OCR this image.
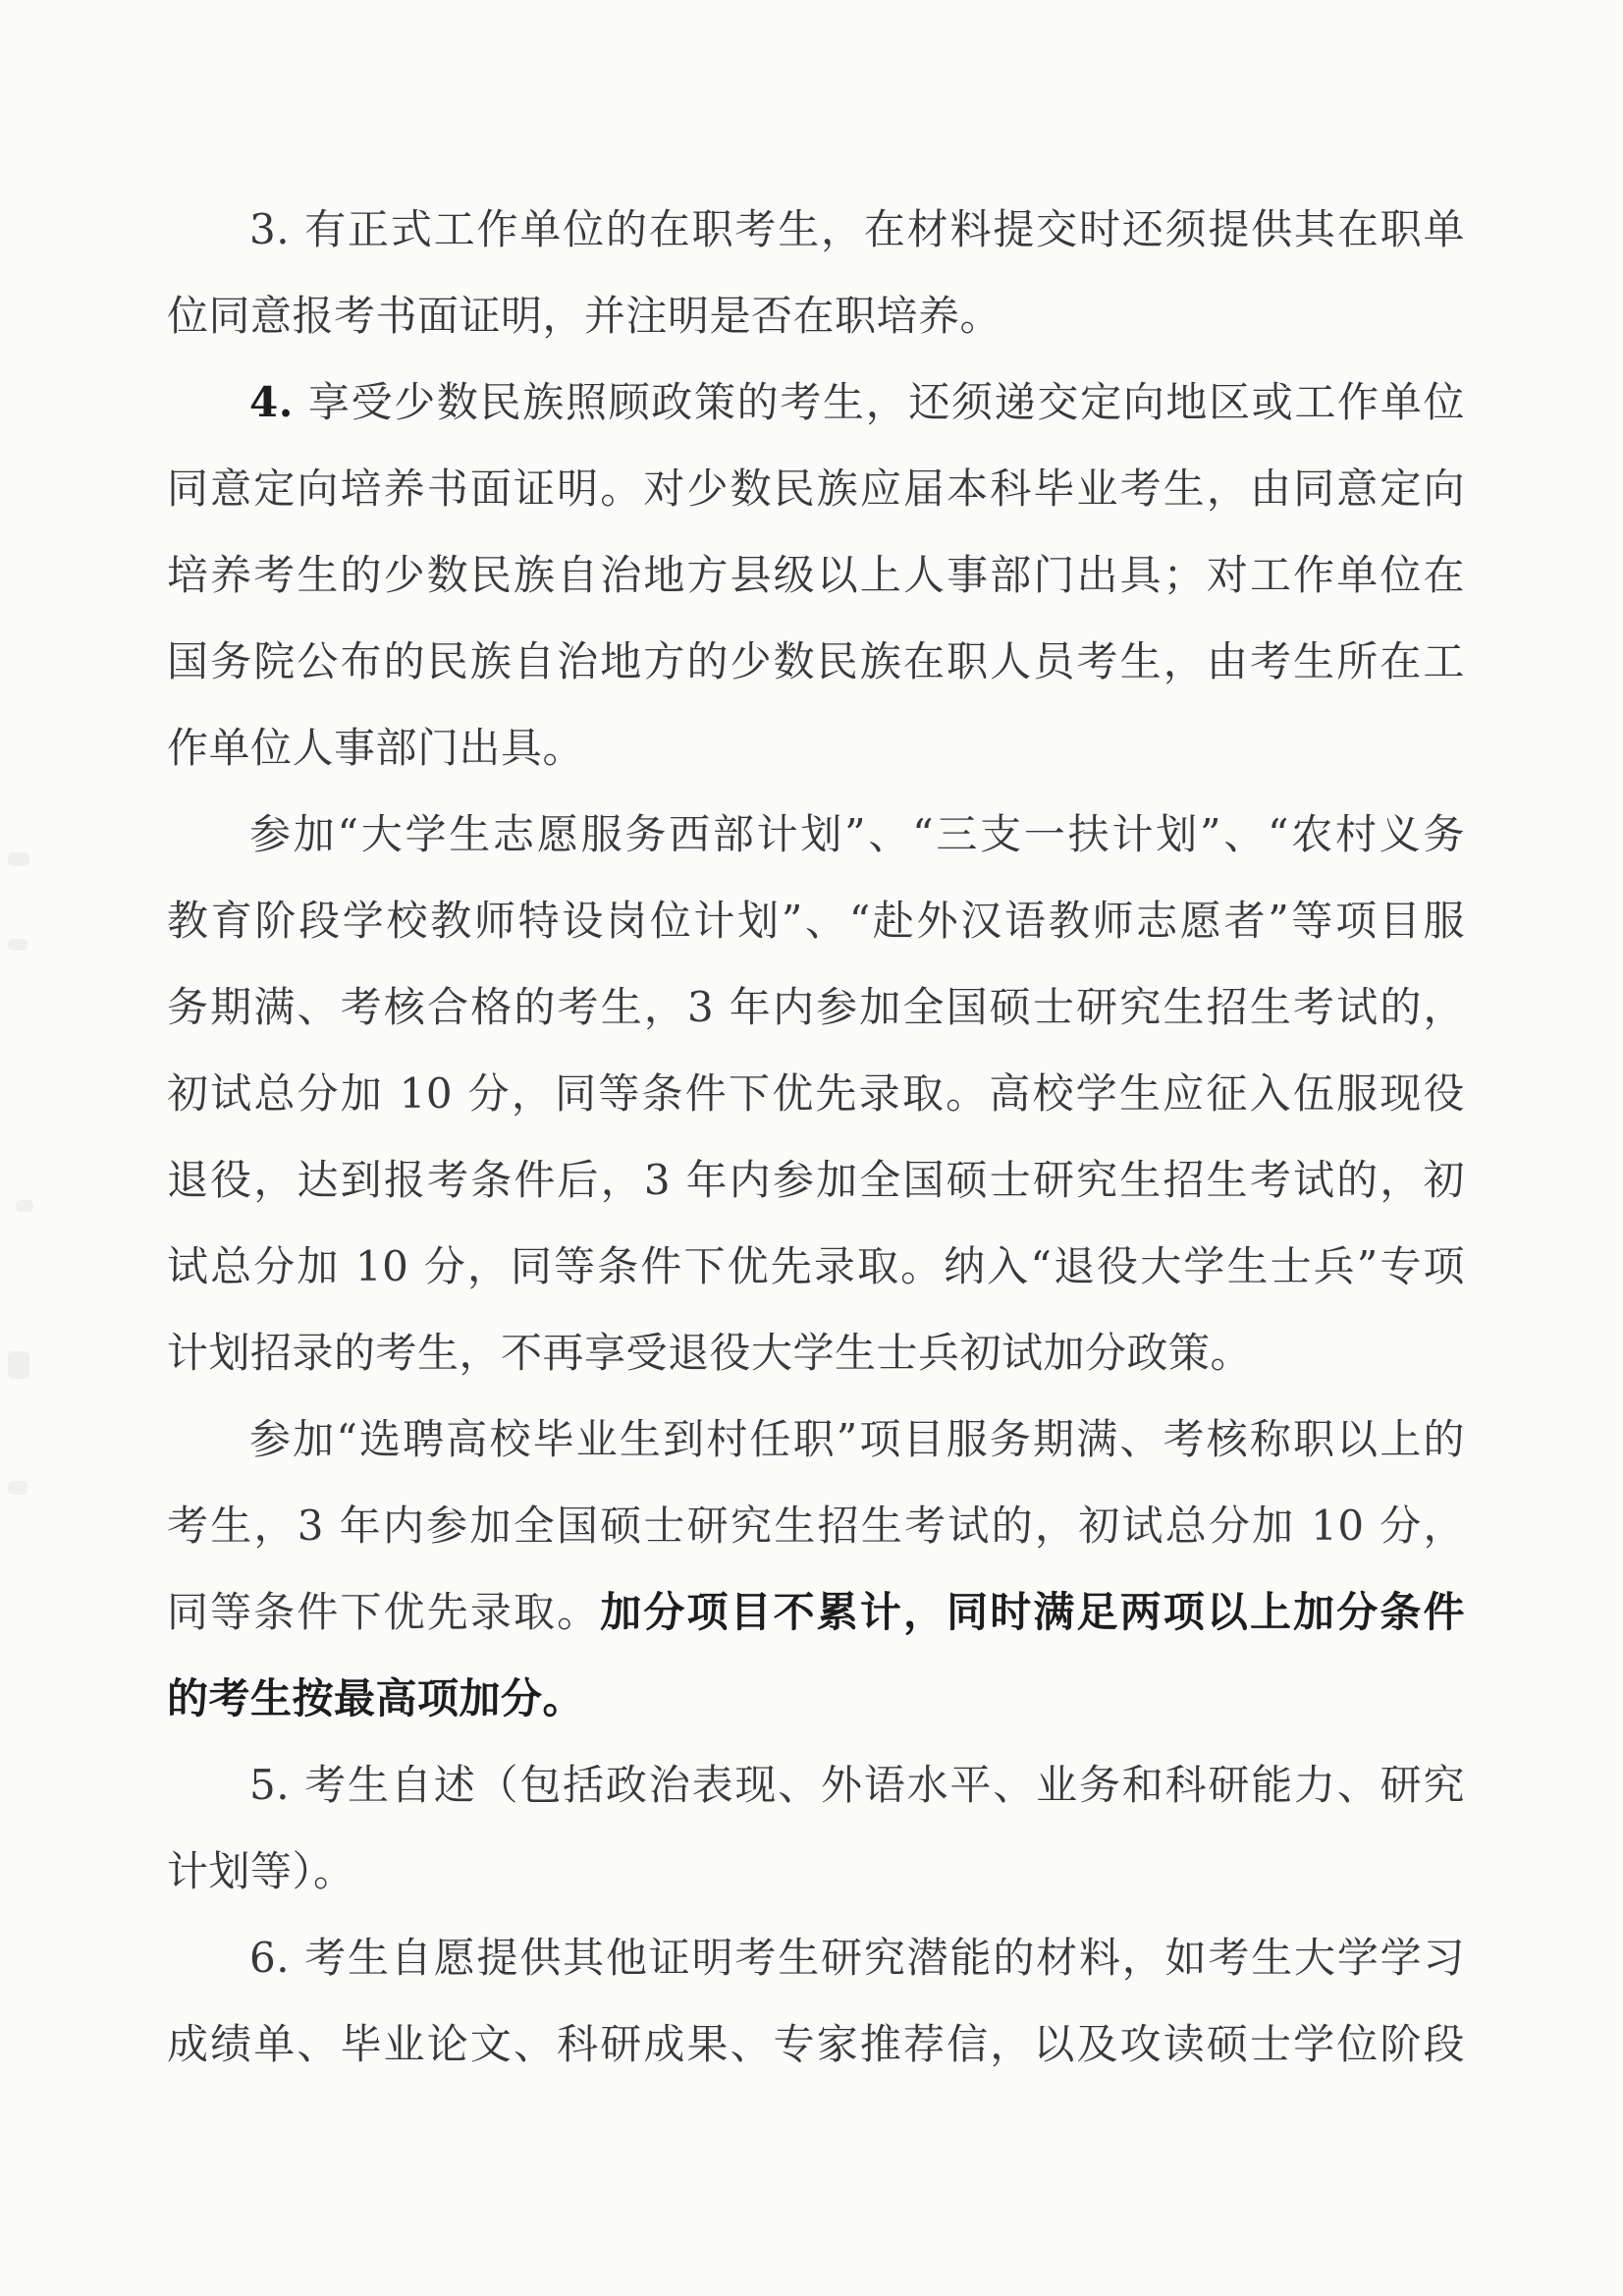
3. 有正式工作单位的在职考生，在材料提交时还须提供其在职单

位同意报考书面证明，并注明是否在职培养。

4. 享受少数民族照顾政策的考生，还须递交定向地区或工作单位

同意定向培养书面证明。对少数民族应届本科毕业考生，由同意定向

培养考生的少数民族自治地方县级以上人事部门出具；对工作单位在

国务院公布的民族自治地方的少数民族在职人员考生，由考生所在工

作单位人事部门出具。

参加“大学生志愿服务西部计划”、“三支一扶计划”、“农村义务

教育阶段学校教师特设岗位计划”、“赴外汉语教师志愿者”等项目服

务期满、考核合格的考生，3 年内参加全国硕士研究生招生考试的，

初试总分加 10 分，同等条件下优先录取。高校学生应征入伍服现役

退役，达到报考条件后，3 年内参加全国硕士研究生招生考试的，初

试总分加 10 分，同等条件下优先录取。纳入“退役大学生士兵”专项

计划招录的考生，不再享受退役大学生士兵初试加分政策。

参加“选聘高校毕业生到村任职”项目服务期满、考核称职以上的

考生，3 年内参加全国硕士研究生招生考试的，初试总分加 10 分，

同等条件下优先录取。加分项目不累计，同时满足两项以上加分条件

的考生按最高项加分。

5. 考生自述（包括政治表现、外语水平、业务和科研能力、研究

计划等）。

6. 考生自愿提供其他证明考生研究潜能的材料，如考生大学学习

成绩单、毕业论文、科研成果、专家推荐信，以及攻读硕士学位阶段
